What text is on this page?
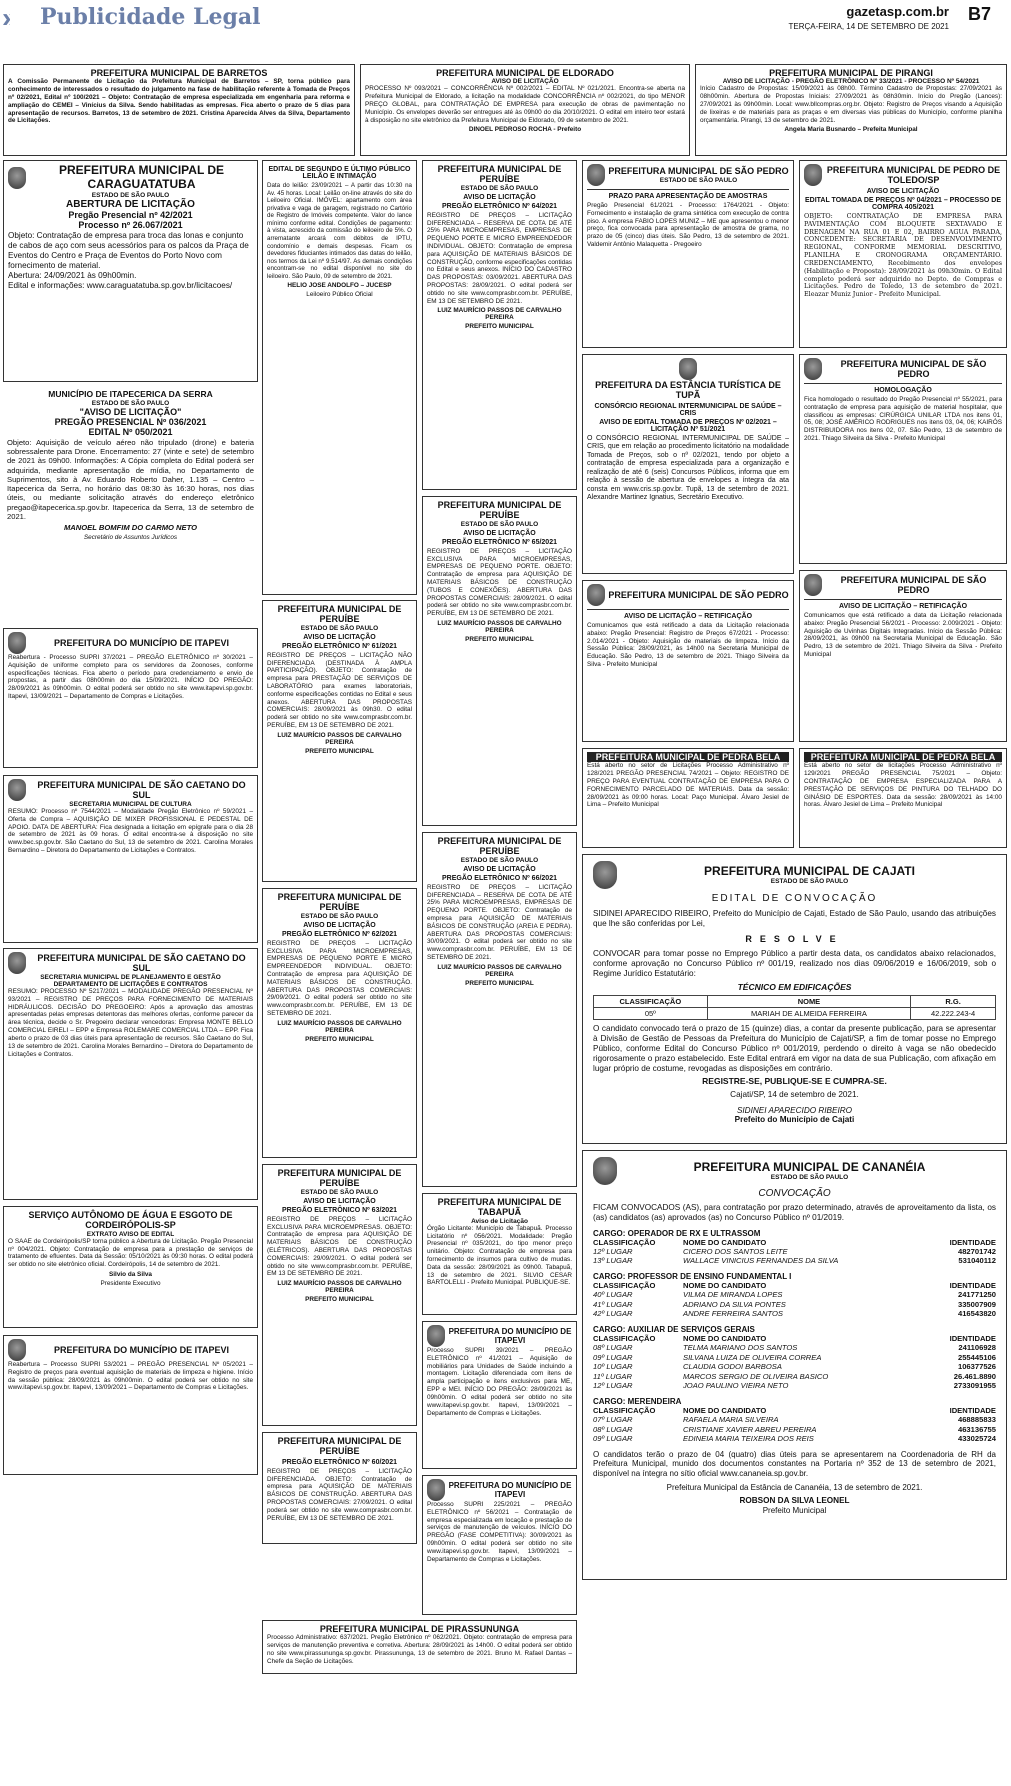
» Publicidade Legal	gazetasp.com.br
TERÇA-FEIRA, 14 DE SETEMBRO DE 2021
B7
PREFEITURA MUNICIPAL DE BARRETOS
A Comissão Permanente de Licitação da Prefeitura Municipal de Barretos – SP, torna público para conhecimento de interessados o resultado do julgamento na fase de habilitação referente à Tomada de Preços nº 02/2021, Edital nº 100/2021 – Objeto: Contratação de empresa especializada em engenharia para reforma e ampliação do CEMEI – Vinícius da Silva. Sendo habilitadas as empresas. Fica aberto o prazo de 5 dias para apresentação de recursos. Barretos, 13 de setembro de 2021. Cristina Aparecida Alves da Silva, Departamento de Licitações.
PREFEITURA MUNICIPAL DE ELDORADO
AVISO DE LICITAÇÃO
PROCESSO Nº 093/2021 – CONCORRÊNCIA Nº 002/2021 – EDITAL Nº 021/2021. Encontra-se aberta na Prefeitura Municipal de Eldorado, a licitação na modalidade CONCORRÊNCIA nº 002/2021, do tipo MENOR PREÇO GLOBAL, para CONTRATAÇÃO DE EMPRESA para execução de obras de pavimentação no Município. Os envelopes deverão ser entregues até às 09h00 do dia 20/10/2021. O edital em inteiro teor estará à disposição no site eletrônico da Prefeitura Municipal de Eldorado, 09 de setembro de 2021.
DINOEL PEDROSO ROCHA - Prefeito
PREFEITURA MUNICIPAL DE PIRANGI
AVISO DE LICITAÇÃO - PREGÃO ELETRÔNICO Nº 33/2021 - PROCESSO Nº 54/2021
Início Cadastro de Propostas: 15/09/2021 às 08h00. Término Cadastro de Propostas: 27/09/2021 às 08h00min. Abertura de Propostas Iniciais: 27/09/2021 às 08h30min. Início do Pregão (Lances): 27/09/2021 às 09h00min. Local: www.bllcompras.org.br. Objeto: Registro de Preços visando a Aquisição de lixeiras e de materiais para as praças e em diversas vias públicas do Município, conforme planilha orçamentária. Pirangi, 13 de setembro de 2021.
Angela Maria Busnardo – Prefeita Municipal
PREFEITURA MUNICIPAL DE CARAGUATATUBA
ESTADO DE SÃO PAULO
ABERTURA DE LICITAÇÃO
Pregão Presencial nº 42/2021
Processo nº 26.067/2021
Objeto: Contratação de empresa para troca das lonas e conjunto de cabos de aço com seus acessórios para os palcos da Praça de Eventos do Centro e Praça de Eventos do Porto Novo com fornecimento de material.
Abertura: 24/09/2021 às 09h00min.
Edital e informações: www.caraguatatuba.sp.gov.br/licitacoes/
MUNICÍPIO DE ITAPECERICA DA SERRA
ESTADO DE SÃO PAULO
"AVISO DE LICITAÇÃO"
PREGÃO PRESENCIAL Nº 036/2021
EDITAL Nº 050/2021
Objeto: Aquisição de veículo aéreo não tripulado (drone) e bateria sobressalente para Drone. Encerramento: 27 (vinte e sete) de setembro de 2021 às 09h00. Informações: A Cópia completa do Edital poderá ser adquirida, mediante apresentação de mídia, no Departamento de Suprimentos, sito à Av. Eduardo Roberto Daher, 1.135 – Centro – Itapecerica da Serra, no horário das 08:30 às 16:30 horas, nos dias úteis, ou mediante solicitação através do endereço eletrônico pregao@itapecerica.sp.gov.br. Itapecerica da Serra, 13 de setembro de 2021.
MANOEL BOMFIM DO CARMO NETO
Secretário de Assuntos Jurídicos
PREFEITURA DO MUNICÍPIO DE ITAPEVI
Reabertura - Processo SUPRI 37/2021 – PREGÃO ELETRÔNICO nº 30/2021 – Aquisição de uniforme completo para os servidores da Zoonoses, conforme especificações técnicas. Fica aberto o período para credenciamento e envio de propostas, a partir das 08h00min do dia 15/09/2021. INÍCIO DO PREGÃO: 28/09/2021 às 09h00min. O edital poderá ser obtido no site www.itapevi.sp.gov.br. Itapevi, 13/09/2021 – Departamento de Compras e Licitações.
PREFEITURA MUNICIPAL DE SÃO CAETANO DO SUL
SECRETARIA MUNICIPAL DE CULTURA
RESUMO: Processo nº 7544/2021 – Modalidade Pregão Eletrônico nº 59/2021 – Oferta de Compra – AQUISIÇÃO DE MIXER PROFISSIONAL E PEDESTAL DE APOIO. DATA DE ABERTURA: Fica designada a licitação em epígrafe para o dia 28 de setembro de 2021 às 09 horas. O edital encontra-se à disposição no site www.bec.sp.gov.br. São Caetano do Sul, 13 de setembro de 2021. Carolina Morales Bernardino – Diretora do Departamento de Licitações e Contratos.
PREFEITURA MUNICIPAL DE SÃO CAETANO DO SUL
SECRETARIA MUNICIPAL DE PLANEJAMENTO E GESTÃO
DEPARTAMENTO DE LICITAÇÕES E CONTRATOS
RESUMO: PROCESSO Nº 5217/2021 – MODALIDADE PREGÃO PRESENCIAL Nº 93/2021 – REGISTRO DE PREÇOS PARA FORNECIMENTO DE MATERIAIS HIDRÁULICOS. DECISÃO DO PREGOEIRO: Após a aprovação das amostras apresentadas pelas empresas detentoras das melhores ofertas, conforme parecer da área técnica, decide o Sr. Pregoeiro declarar vencedoras: Empresa MONTE BELLO COMERCIAL EIRELI – EPP e Empresa ROLEMARE COMERCIAL LTDA – EPP. Fica aberto o prazo de 03 dias úteis para apresentação de recursos. São Caetano do Sul, 13 de setembro de 2021. Carolina Morales Bernardino – Diretora do Departamento de Licitações e Contratos.
SERVIÇO AUTÔNOMO DE ÁGUA E ESGOTO DE CORDEIRÓPOLIS-SP
EXTRATO AVISO DE EDITAL
O SAAE de Cordeirópolis/SP torna público a Abertura de Licitação. Pregão Presencial nº 004/2021. Objeto: Contratação de empresa para a prestação de serviços de tratamento de efluentes. Data da Sessão: 05/10/2021 às 09:30 horas. O edital poderá ser obtido no site eletrônico oficial. Cordeirópolis, 14 de setembro de 2021.
Silvio da Silva
Presidente Executivo
PREFEITURA DO MUNICÍPIO DE ITAPEVI
Reabertura – Processo SUPRI 53/2021 – PREGÃO PRESENCIAL Nº 05/2021 – Registro de preços para eventual aquisição de materiais de limpeza e higiene. Início da sessão pública: 28/09/2021 às 09h00min. O edital poderá ser obtido no site www.itapevi.sp.gov.br. Itapevi, 13/09/2021 – Departamento de Compras e Licitações.
EDITAL DE SEGUNDO E ÚLTIMO PÚBLICO LEILÃO E INTIMAÇÃO
Data do leilão: 23/09/2021 – A partir das 10:30 na Av. 45 horas. Local: Leilão on-line através do site do Leiloeiro Oficial. IMÓVEL: apartamento com área privativa e vaga de garagem, registrado no Cartório de Registro de Imóveis competente. Valor do lance mínimo conforme edital. Condições de pagamento: à vista, acrescido da comissão do leiloeiro de 5%. O arrematante arcará com débitos de IPTU, condomínio e demais despesas. Ficam os devedores fiduciantes intimados das datas do leilão, nos termos da Lei nº 9.514/97. As demais condições encontram-se no edital disponível no site do leiloeiro. São Paulo, 09 de setembro de 2021.
HELIO JOSE ANDOLFO – JUCESP
Leiloeiro Público Oficial
PREFEITURA MUNICIPAL DE PERUÍBE
ESTADO DE SÃO PAULO
AVISO DE LICITAÇÃO
PREGÃO ELETRÔNICO Nº 61/2021
REGISTRO DE PREÇOS – LICITAÇÃO NÃO DIFERENCIADA (DESTINADA À AMPLA PARTICIPAÇÃO). OBJETO: Contratação de empresa para PRESTAÇÃO DE SERVIÇOS DE LABORATÓRIO para exames laboratoriais, conforme especificações contidas no Edital e seus anexos. ABERTURA DAS PROPOSTAS COMERCIAIS: 28/09/2021 às 09h30. O edital poderá ser obtido no site www.comprasbr.com.br. PERUÍBE, EM 13 DE SETEMBRO DE 2021.
LUIZ MAURÍCIO PASSOS DE CARVALHO PEREIRA
PREFEITO MUNICIPAL
PREFEITURA MUNICIPAL DE PERUÍBE
ESTADO DE SÃO PAULO
AVISO DE LICITAÇÃO
PREGÃO ELETRÔNICO Nº 62/2021
REGISTRO DE PREÇOS – LICITAÇÃO EXCLUSIVA PARA MICROEMPRESAS, EMPRESAS DE PEQUENO PORTE E MICRO EMPREENDEDOR INDIVIDUAL. OBJETO: Contratação de empresa para AQUISIÇÃO DE MATERIAIS BÁSICOS DE CONSTRUÇÃO. ABERTURA DAS PROPOSTAS COMERCIAIS: 29/09/2021. O edital poderá ser obtido no site www.comprasbr.com.br. PERUÍBE, EM 13 DE SETEMBRO DE 2021.
LUIZ MAURÍCIO PASSOS DE CARVALHO PEREIRA
PREFEITO MUNICIPAL
PREFEITURA MUNICIPAL DE PERUÍBE
ESTADO DE SÃO PAULO
AVISO DE LICITAÇÃO
PREGÃO ELETRÔNICO Nº 63/2021
REGISTRO DE PREÇOS – LICITAÇÃO EXCLUSIVA PARA MICROEMPRESAS. OBJETO: Contratação de empresa para AQUISIÇÃO DE MATERIAIS BÁSICOS DE CONSTRUÇÃO (ELÉTRICOS). ABERTURA DAS PROPOSTAS COMERCIAIS: 29/09/2021. O edital poderá ser obtido no site www.comprasbr.com.br. PERUÍBE, EM 13 DE SETEMBRO DE 2021.
LUIZ MAURÍCIO PASSOS DE CARVALHO PEREIRA
PREFEITO MUNICIPAL
PREFEITURA MUNICIPAL DE PERUÍBE
PREGÃO ELETRÔNICO Nº 60/2021
REGISTRO DE PREÇOS – LICITAÇÃO DIFERENCIADA. OBJETO: Contratação de empresa para AQUISIÇÃO DE MATERIAIS BÁSICOS DE CONSTRUÇÃO. ABERTURA DAS PROPOSTAS COMERCIAIS: 27/09/2021. O edital poderá ser obtido no site www.comprasbr.com.br. PERUÍBE, EM 13 DE SETEMBRO DE 2021.
PREFEITURA MUNICIPAL DE PERUÍBE
ESTADO DE SÃO PAULO
AVISO DE LICITAÇÃO
PREGÃO ELETRÔNICO Nº 64/2021
REGISTRO DE PREÇOS – LICITAÇÃO DIFERENCIADA – RESERVA DE COTA DE ATÉ 25% PARA MICROEMPRESAS, EMPRESAS DE PEQUENO PORTE E MICRO EMPREENDEDOR INDIVIDUAL. OBJETO: Contratação de empresa para AQUISIÇÃO DE MATERIAIS BÁSICOS DE CONSTRUÇÃO, conforme especificações contidas no Edital e seus anexos. INÍCIO DO CADASTRO DAS PROPOSTAS: 03/09/2021. ABERTURA DAS PROPOSTAS: 28/09/2021. O edital poderá ser obtido no site www.comprasbr.com.br. PERUÍBE, EM 13 DE SETEMBRO DE 2021.
LUIZ MAURÍCIO PASSOS DE CARVALHO PEREIRA
PREFEITO MUNICIPAL
PREFEITURA MUNICIPAL DE PERUÍBE
ESTADO DE SÃO PAULO
AVISO DE LICITAÇÃO
PREGÃO ELETRÔNICO Nº 65/2021
REGISTRO DE PREÇOS – LICITAÇÃO EXCLUSIVA PARA MICROEMPRESAS, EMPRESAS DE PEQUENO PORTE. OBJETO: Contratação de empresa para AQUISIÇÃO DE MATERIAIS BÁSICOS DE CONSTRUÇÃO (TUBOS E CONEXÕES). ABERTURA DAS PROPOSTAS COMERCIAIS: 28/09/2021. O edital poderá ser obtido no site www.comprasbr.com.br. PERUÍBE, EM 13 DE SETEMBRO DE 2021.
LUIZ MAURÍCIO PASSOS DE CARVALHO PEREIRA
PREFEITO MUNICIPAL
PREFEITURA MUNICIPAL DE PERUÍBE
ESTADO DE SÃO PAULO
AVISO DE LICITAÇÃO
PREGÃO ELETRÔNICO Nº 66/2021
REGISTRO DE PREÇOS – LICITAÇÃO DIFERENCIADA – RESERVA DE COTA DE ATÉ 25% PARA MICROEMPRESAS, EMPRESAS DE PEQUENO PORTE. OBJETO: Contratação de empresa para AQUISIÇÃO DE MATERIAIS BÁSICOS DE CONSTRUÇÃO (AREIA E PEDRA). ABERTURA DAS PROPOSTAS COMERCIAIS: 30/09/2021. O edital poderá ser obtido no site www.comprasbr.com.br. PERUÍBE, EM 13 DE SETEMBRO DE 2021.
LUIZ MAURÍCIO PASSOS DE CARVALHO PEREIRA
PREFEITO MUNICIPAL
PREFEITURA MUNICIPAL DE TABAPUÃ
Aviso de Licitação
Órgão Licitante: Município de Tabapuã. Processo Licitatório nº 056/2021. Modalidade: Pregão Presencial nº 035/2021, do tipo menor preço unitário. Objeto: Contratação de empresa para fornecimento de insumos para cultivo de mudas. Data da sessão: 28/09/2021 às 09h00. Tabapuã, 13 de setembro de 2021. SILVIO CESAR BARTOLELLI - Prefeito Municipal. PUBLIQUE-SE.
PREFEITURA DO MUNICÍPIO DE ITAPEVI
Processo SUPRI 39/2021 – PREGÃO ELETRÔNICO nº 41/2021 – Aquisição de mobiliários para Unidades de Saúde incluindo a montagem. Licitação diferenciada com itens de ampla participação e itens exclusivos para ME, EPP e MEI. INÍCIO DO PREGÃO: 28/09/2021 às 09h00min. O edital poderá ser obtido no site www.itapevi.sp.gov.br. Itapevi, 13/09/2021 – Departamento de Compras e Licitações.
PREFEITURA DO MUNICÍPIO DE ITAPEVI
Processo SUPRI 225/2021 – PREGÃO ELETRÔNICO nº 56/2021 – Contratação de empresa especializada em locação e prestação de serviços de manutenção de veículos. INÍCIO DO PREGÃO (FASE COMPETITIVA): 30/09/2021 às 09h00min. O edital poderá ser obtido no site www.itapevi.sp.gov.br. Itapevi, 13/09/2021 – Departamento de Compras e Licitações.
PREFEITURA MUNICIPAL DE PIRASSUNUNGA
Processo Administrativo: 637/2021. Pregão Eletrônico nº 062/2021. Objeto: contratação de empresa para serviços de manutenção preventiva e corretiva. Abertura: 28/09/2021 às 14h00. O edital poderá ser obtido no site www.pirassununga.sp.gov.br. Pirassununga, 13 de setembro de 2021. Bruno M. Rafael Dantas – Chefe da Seção de Licitações.
PREFEITURA MUNICIPAL DE SÃO PEDRO
ESTADO DE SÃO PAULO
PRAZO PARA APRESENTAÇÃO DE AMOSTRAS
Pregão Presencial 61/2021 - Processo: 1764/2021 - Objeto: Fornecimento e instalação de grama sintética com execução de contra piso. A empresa FABIO LOPES MUNIZ – ME que apresentou o menor preço, fica convocada para apresentação de amostra de grama, no prazo de 05 (cinco) dias úteis. São Pedro, 13 de setembro de 2021. Valdemir Antônio Malaquetta - Pregoeiro
PREFEITURA DA ESTÂNCIA TURÍSTICA DE TUPÃ
CONSÓRCIO REGIONAL INTERMUNICIPAL DE SAÚDE – CRIS
AVISO DE EDITAL TOMADA DE PREÇOS Nº 02/2021 – LICITAÇÃO Nº 51/2021
O CONSÓRCIO REGIONAL INTERMUNICIPAL DE SAÚDE – CRIS, que em relação ao procedimento licitatório na modalidade Tomada de Preços, sob o nº 02/2021, tendo por objeto a contratação de empresa especializada para a organização e realização de até 6 (seis) Concursos Públicos, informa que em relação à sessão de abertura de envelopes a íntegra da ata consta em www.cris.sp.gov.br. Tupã, 13 de setembro de 2021. Alexandre Martinez Ignatius, Secretário Executivo.
PREFEITURA MUNICIPAL DE SÃO PEDRO
AVISO DE LICITAÇÃO – RETIFICAÇÃO
Comunicamos que está retificado a data da Licitação relacionada abaixo: Pregão Presencial: Registro de Preços 67/2021 - Processo: 2.014/2021 - Objeto: Aquisição de materiais de limpeza. Início da Sessão Pública: 28/09/2021, às 14h00 na Secretaria Municipal de Educação. São Pedro, 13 de setembro de 2021. Thiago Silveira da Silva - Prefeito Municipal
PREFEITURA MUNICIPAL DE PEDRA BELA
Está aberto no setor de Licitações Processo Administrativo nº 128/2021 PREGÃO PRESENCIAL 74/2021 – Objeto: REGISTRO DE PREÇO PARA EVENTUAL CONTRATAÇÃO DE EMPRESA PARA O FORNECIMENTO PARCELADO DE MATERIAIS. Data da sessão: 28/09/2021 às 09:00 horas. Local: Paço Municipal. Álvaro Jesiel de Lima – Prefeito Municipal
PREFEITURA MUNICIPAL DE PEDRO DE TOLEDO/SP
AVISO DE LICITAÇÃO
EDITAL TOMADA DE PREÇOS Nº 04/2021 – PROCESSO DE COMPRA 405/2021
OBJETO: CONTRATAÇÃO DE EMPRESA PARA PAVIMENTAÇÃO COM BLOQUETE SEXTAVADO E DRENAGEM NA RUA 01 E 02, BAIRRO AGUA PARADA, CONCEDENTE: SECRETARIA DE DESENVOLVIMENTO REGIONAL, CONFORME MEMORIAL DESCRITIVO, PLANILHA E CRONOGRAMA ORÇAMENTÁRIO. CREDENCIAMENTO, Recebimento dos envelopes (Habilitação e Proposta): 28/09/2021 às 09h30min. O Edital completo poderá ser adquirido no Depto. de Compras e Licitações. Pedro de Toledo, 13 de setembro de 2021. Eleazar Muniz Junior - Prefeito Municipal.
PREFEITURA MUNICIPAL DE SÃO PEDRO
HOMOLOGAÇÃO
Fica homologado o resultado do Pregão Presencial nº 55/2021, para contratação de empresa para aquisição de material hospitalar, que classificou as empresas: CIRÚRGICA UNILAR LTDA nos itens 01, 05, 08; JOSÉ AMÉRICO RODRIGUES nos itens 03, 04, 06; KAIRÓS DISTRIBUIDORA nos itens 02, 07. São Pedro, 13 de setembro de 2021. Thiago Silveira da Silva - Prefeito Municipal
PREFEITURA MUNICIPAL DE SÃO PEDRO
AVISO DE LICITAÇÃO – RETIFICAÇÃO
Comunicamos que está retificado a data da Licitação relacionada abaixo: Pregão Presencial 56/2021 - Processo: 2.009/2021 - Objeto: Aquisição de Uvinhas Digitais Integradas. Início da Sessão Pública: 28/09/2021, às 09h00 na Secretaria Municipal de Educação. São Pedro, 13 de setembro de 2021. Thiago Silveira da Silva - Prefeito Municipal
PREFEITURA MUNICIPAL DE PEDRA BELA
Está aberto no setor de licitações Processo Administrativo nº 129/2021 PREGÃO PRESENCIAL 75/2021 – Objeto: CONTRATAÇÃO DE EMPRESA ESPECIALIZADA PARA A PRESTAÇÃO DE SERVIÇOS DE PINTURA DO TELHADO DO GINÁSIO DE ESPORTES. Data da sessão: 28/09/2021 às 14:00 horas. Álvaro Jesiel de Lima – Prefeito Municipal
PREFEITURA MUNICIPAL DE CAJATI
ESTADO DE SÃO PAULO
EDITAL DE CONVOCAÇÃO
SIDINEI APARECIDO RIBEIRO, Prefeito do Município de Cajati, Estado de São Paulo, usando das atribuições que lhe são conferidas por Lei,
RESOLVE
CONVOCAR para tomar posse no Emprego Público a partir desta data, os candidatos abaixo relacionados, conforme aprovação no Concurso Público nº 001/19, realizado nos dias 09/06/2019 e 16/06/2019, sob o Regime Jurídico Estatutário:
TÉCNICO EM EDIFICAÇÕES
CLASSIFICAÇÃO	NOME	R.G.
05º	MARIAH DE ALMEIDA FERREIRA	42.222.243-4
O candidato convocado terá o prazo de 15 (quinze) dias, a contar da presente publicação, para se apresentar à Divisão de Gestão de Pessoas da Prefeitura do Município de Cajati/SP, a fim de tomar posse no Emprego Público, conforme Edital do Concurso Público nº 001/2019, perdendo o direito à vaga se não obedecido rigorosamente o prazo estabelecido. Este Edital entrará em vigor na data de sua Publicação, com afixação em lugar próprio de costume, revogadas as disposições em contrário.
REGISTRE-SE, PUBLIQUE-SE E CUMPRA-SE.
Cajati/SP, 14 de setembro de 2021.
SIDINEI APARECIDO RIBEIRO
Prefeito do Município de Cajati
PREFEITURA MUNICIPAL DE CANANÉIA
ESTADO DE SÃO PAULO
CONVOCAÇÃO
FICAM CONVOCADOS (AS), para contratação por prazo determinado, através de aproveitamento da lista, os (as) candidatos (as) aprovados (as) no Concurso Público nº 01/2019.
CARGO: OPERADOR DE RX E ULTRASSOM
CLASSIFICAÇÃO	NOME DO CANDIDATO	IDENTIDADE
12º LUGAR	CICERO DOS SANTOS LEITE	482701742
13º LUGAR	WALLACE VINICIUS FERNANDES DA SILVA	531040112
CARGO: PROFESSOR DE ENSINO FUNDAMENTAL I
CLASSIFICAÇÃO	NOME DO CANDIDATO	IDENTIDADE
40º LUGAR	VILMA DE MIRANDA LOPES	241771250
41º LUGAR	ADRIANO DA SILVA PONTES	335007909
42º LUGAR	ANDRE FERREIRA SANTOS	416543820
CARGO: AUXILIAR DE SERVIÇOS GERAIS
CLASSIFICAÇÃO	NOME DO CANDIDATO	IDENTIDADE
08º LUGAR	TELMA MARIANO DOS SANTOS	241106928
09º LUGAR	SILVANA LUIZA DE OLIVEIRA CORREA	255445106
10º LUGAR	CLAUDIA GODOI BARBOSA	106377526
11º LUGAR	MARCOS SERGIO DE OLIVEIRA BASICO	26.461.8890
12º LUGAR	JOAO PAULINO VIEIRA NETO	2733091955
CARGO: MERENDEIRA
CLASSIFICAÇÃO	NOME DO CANDIDATO	IDENTIDADE
07º LUGAR	RAFAELA MARIA SILVEIRA	468885833
08º LUGAR	CRISTIANE XAVIER ABREU PEREIRA	463136755
09º LUGAR	EDINEIA MARIA TEIXEIRA DOS REIS	433025724
O candidatos terão o prazo de 04 (quatro) dias úteis para se apresentarem na Coordenadoria de RH da Prefeitura Municipal, munido dos documentos constantes na Portaria nº 352 de 13 de setembro de 2021, disponível na íntegra no sítio oficial www.cananeia.sp.gov.br.
Prefeitura Municipal da Estância de Cananéia, 13 de setembro de 2021.
ROBSON DA SILVA LEONEL
Prefeito Municipal
